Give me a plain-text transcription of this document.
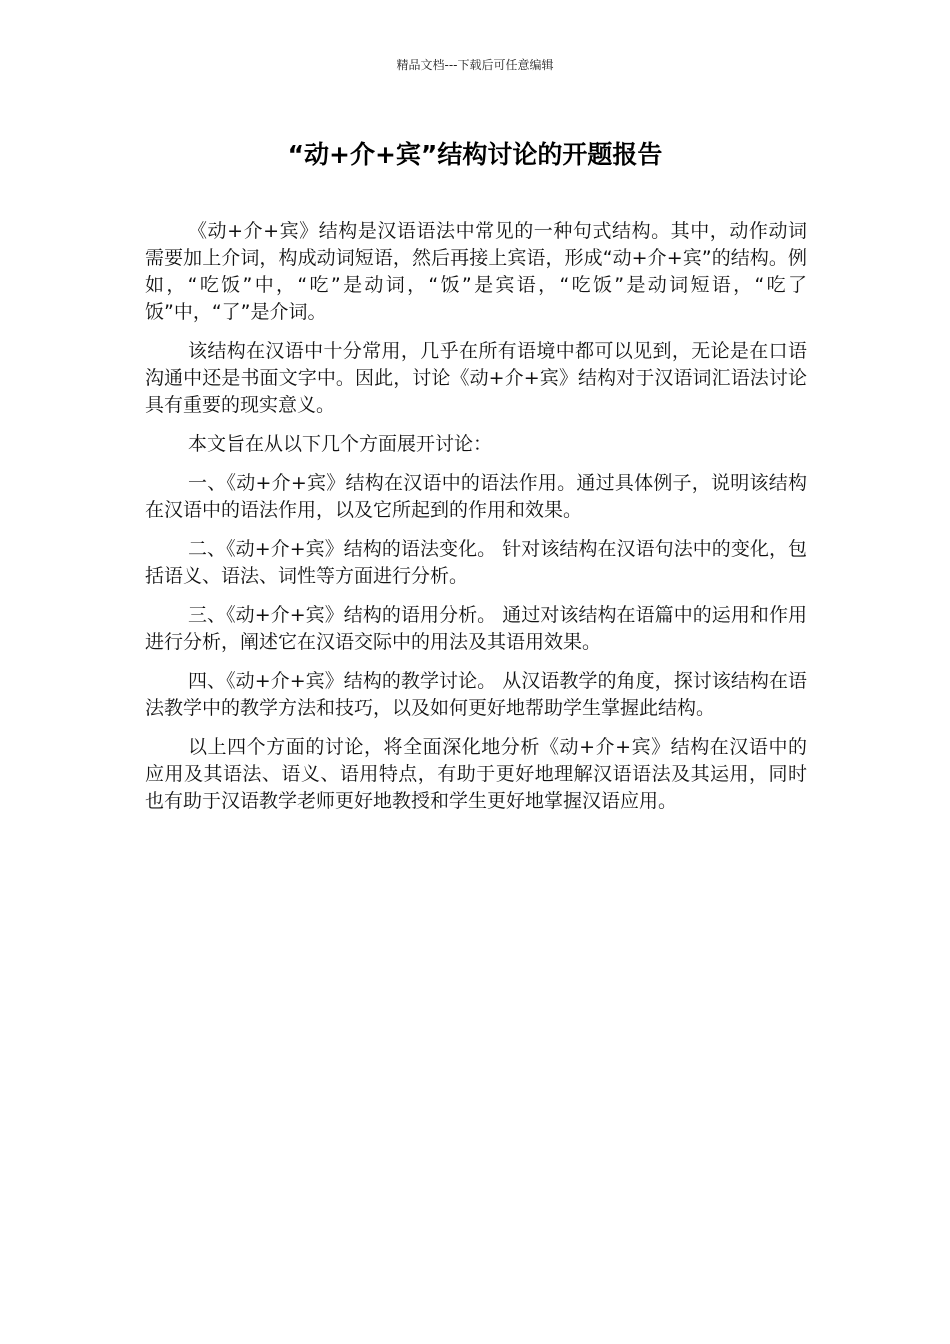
精品文档---下载后可任意编辑
“动+介+宾”结构讨论的开题报告

《动+介+宾》结构是汉语语法中常见的一种句式结构。其中，动作动词需要加上介词，构成动词短语，然后再接上宾语，形成“动+介+宾”的结构。例如，“吃饭”中，“吃”是动词，“饭”是宾语，“吃饭”是动词短语，“吃了饭”中，“了”是介词。

该结构在汉语中十分常用，几乎在所有语境中都可以见到，无论是在口语沟通中还是书面文字中。因此，讨论《动+介+宾》结构对于汉语词汇语法讨论具有重要的现实意义。

本文旨在从以下几个方面展开讨论：

一、《动+介+宾》结构在汉语中的语法作用。通过具体例子，说明该结构在汉语中的语法作用，以及它所起到的作用和效果。

二、《动+介+宾》结构的语法变化。 针对该结构在汉语句法中的变化，包括语义、语法、词性等方面进行分析。

三、《动+介+宾》结构的语用分析。 通过对该结构在语篇中的运用和作用进行分析，阐述它在汉语交际中的用法及其语用效果。

四、《动+介+宾》结构的教学讨论。 从汉语教学的角度，探讨该结构在语法教学中的教学方法和技巧，以及如何更好地帮助学生掌握此结构。

以上四个方面的讨论，将全面深化地分析《动+介+宾》结构在汉语中的应用及其语法、语义、语用特点，有助于更好地理解汉语语法及其运用，同时也有助于汉语教学老师更好地教授和学生更好地掌握汉语应用。
